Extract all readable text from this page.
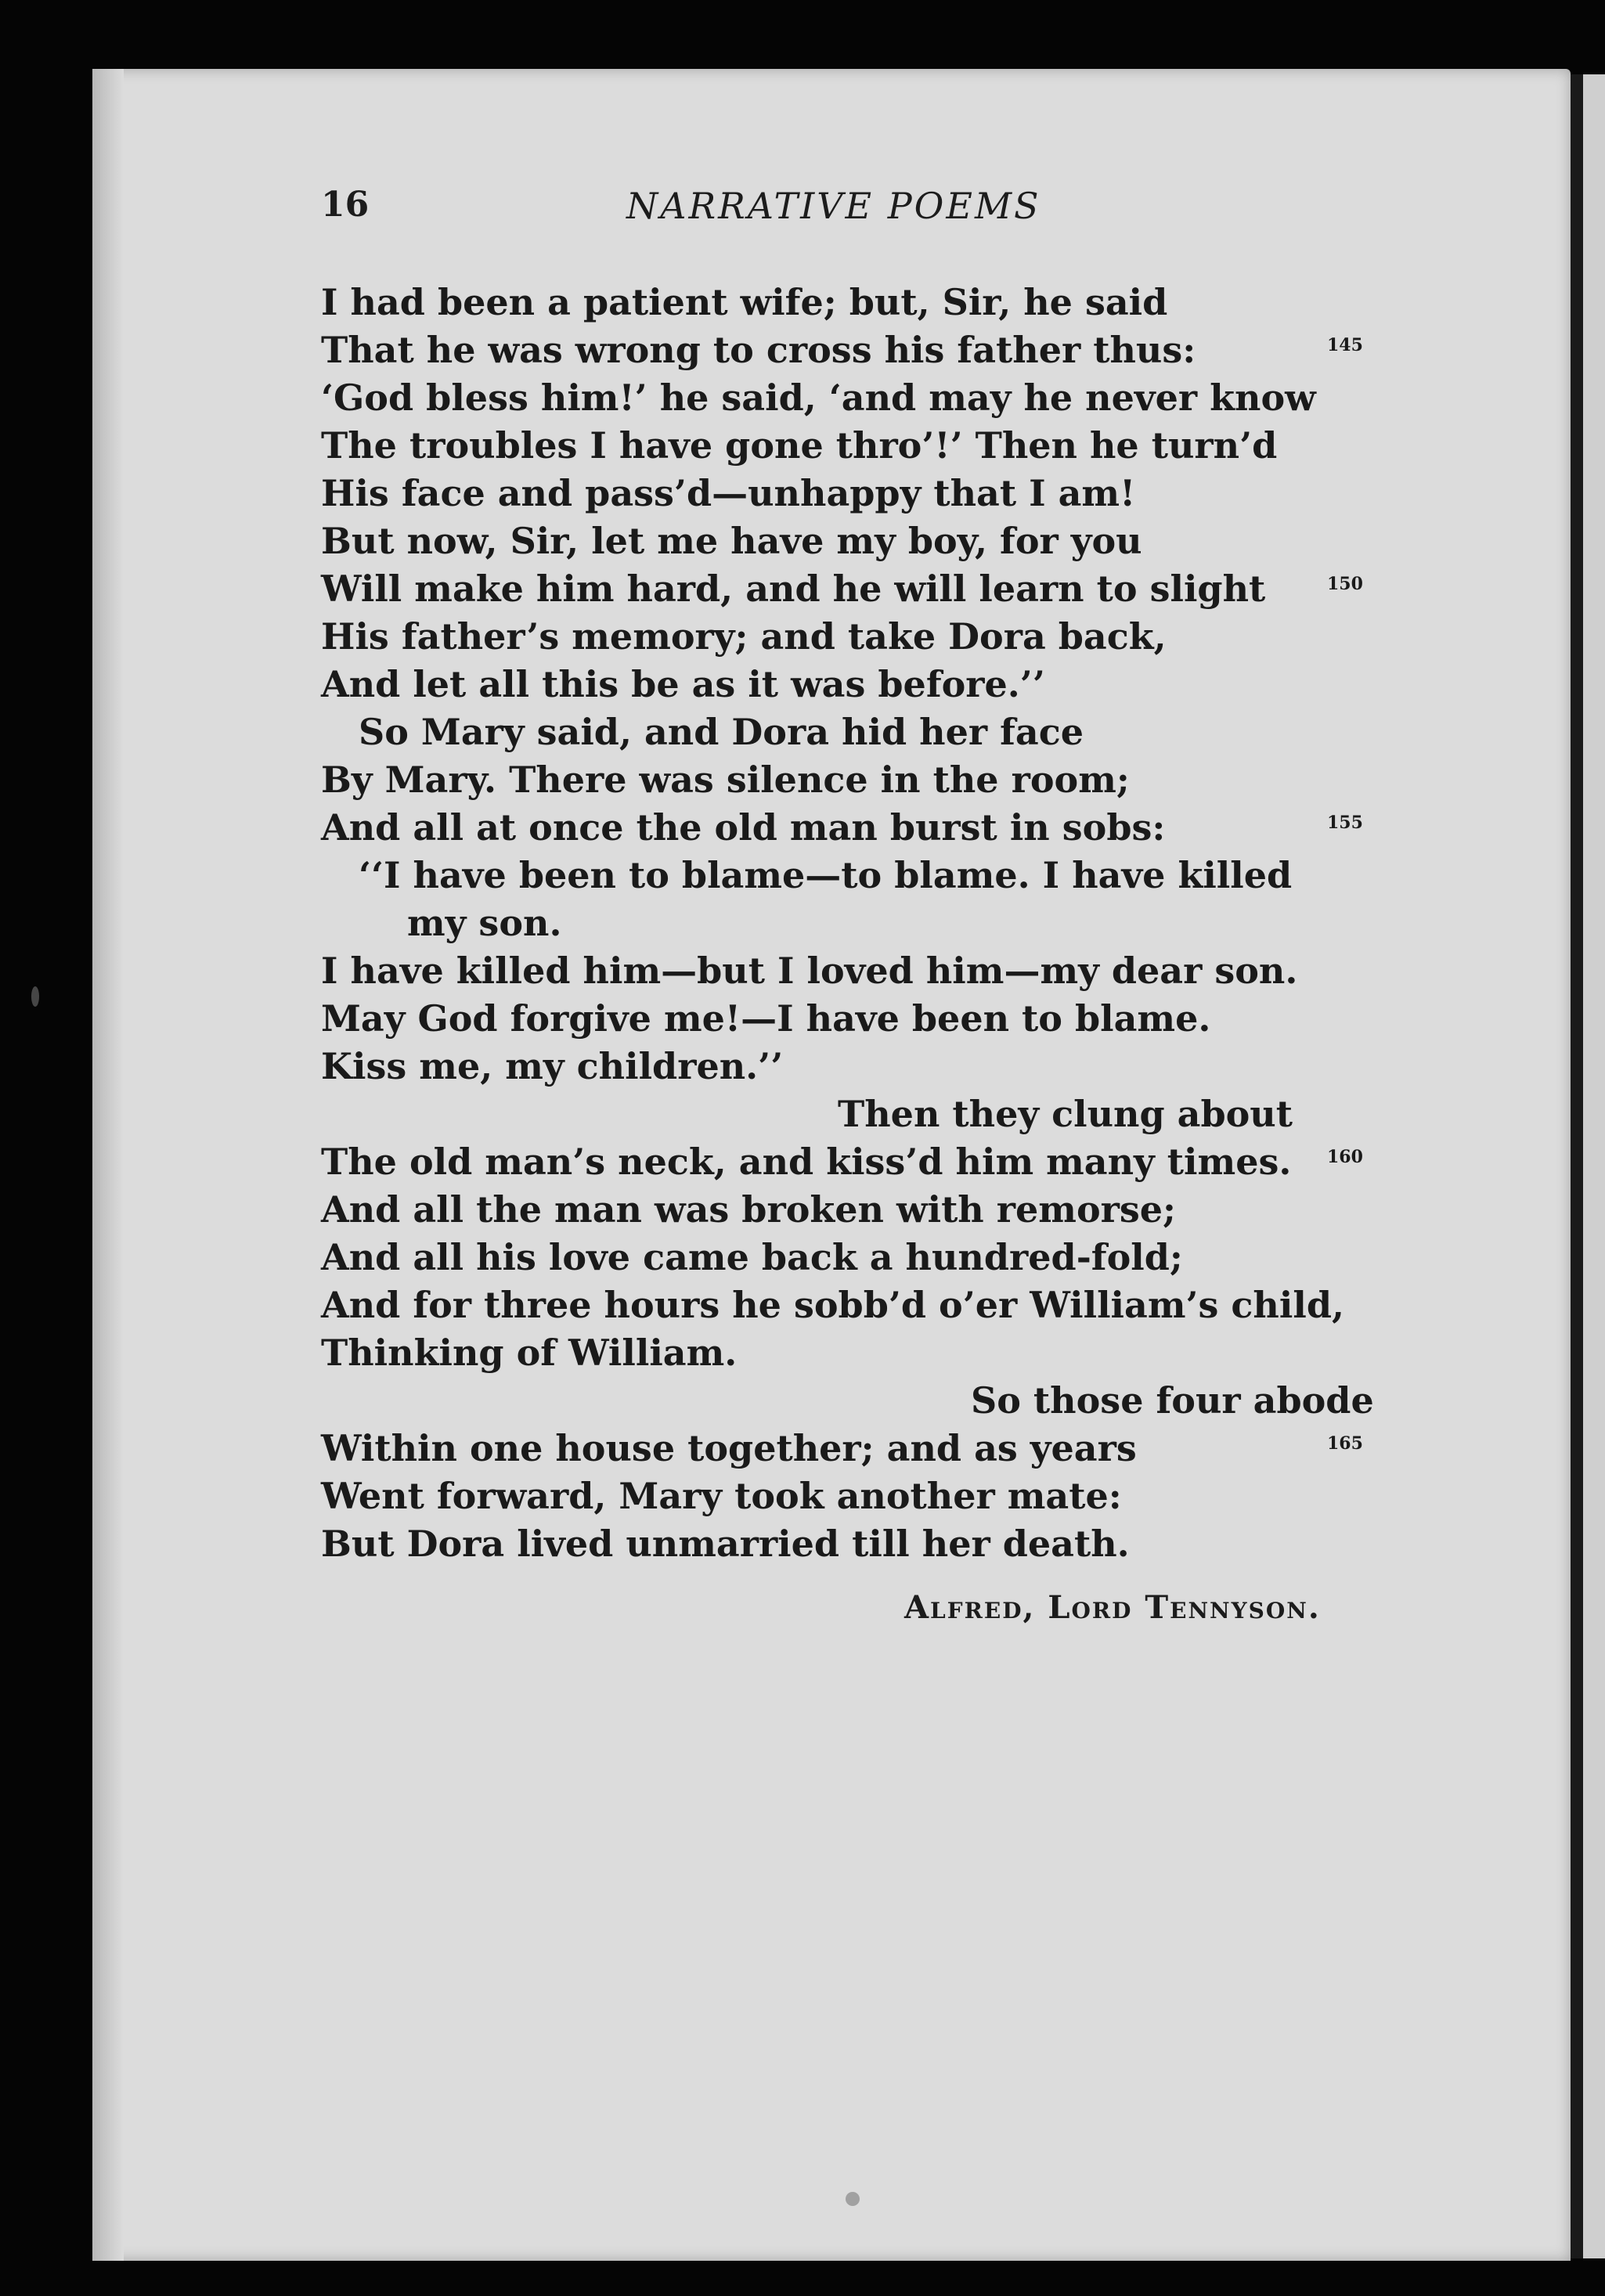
16	NARRATIVE POEMS
I had been a patient wife; but, Sir, he said
That he was wrong to cross his father thus:	145
‘God bless him!’ he said, ‘and may he never know
The troubles I have gone thro’!’ Then he turn’d
His face and pass’d—unhappy that I am!
But now, Sir, let me have my boy, for you
Will make him hard, and he will learn to slight	150
His father’s memory; and take Dora back,
And let all this be as it was before.’’
So Mary said, and Dora hid her face
By Mary. There was silence in the room;
And all at once the old man burst in sobs:	155
‘‘I have been to blame—to blame. I have killed
my son.
I have killed him—but I loved him—my dear son.
May God forgive me!—I have been to blame.
Kiss me, my children.’’
Then they clung about
The old man’s neck, and kiss’d him many times. 160
And all the man was broken with remorse;
And all his love came back a hundred-fold;
And for three hours he sobb’d o’er William’s child,
Thinking of William.
So those four abode
Within one house together; and as years	165
Went forward, Mary took another mate:
But Dora lived unmarried till her death.
Alfred, Lord Tennyson.
